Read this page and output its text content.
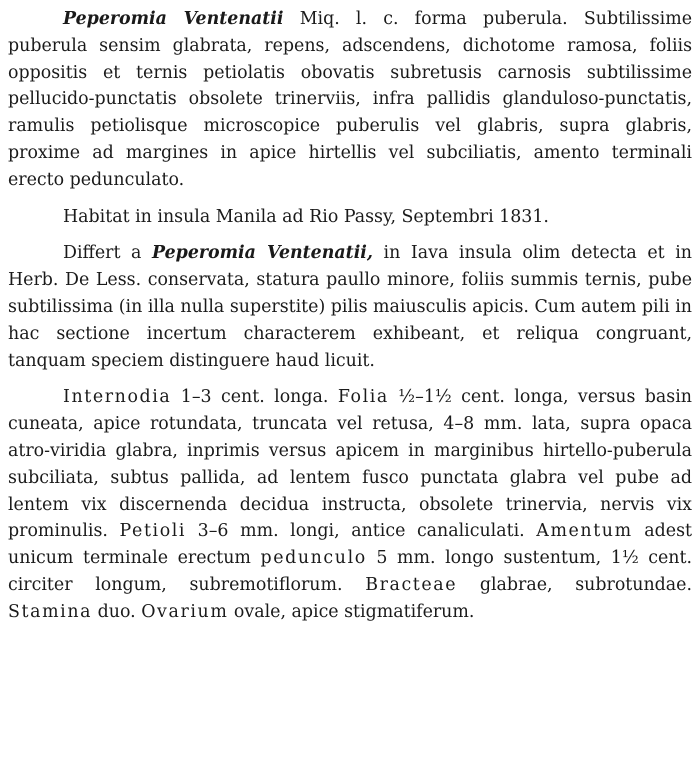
Peperomia Ventenatii Miq. l. c. forma puberula. Subtilissime puberula sensim glabrata, repens, adscendens, dichotome ramosa, foliis oppositis et ternis petiolatis obovatis subretusis carnosis subtilissime pellucido-punctatis obsolete trinerviis, infra pallidis glanduloso-punctatis, ramulis petiolisque microscopice puberulis vel glabris, supra glabris, proxime ad margines in apice hirtellis vel subciliatis, amento terminali erecto pedunculato.

Habitat in insula Manila ad Rio Passy, Septembri 1831.

Differt a Peperomia Ventenatii, in Iava insula olim detecta et in Herb. De Less. conservata, statura paullo minore, foliis summis ternis, pube subtilissima (in illa nulla superstite) pilis maiusculis apicis. Cum autem pili in hac sectione incertum characterem exhibeant, et reliqua congruant, tanquam speciem distinguere haud licuit.

Internodia 1–3 cent. longa. Folia ½–1½ cent. longa, versus basin cuneata, apice rotundata, truncata vel retusa, 4–8 mm. lata, supra opaca atro-viridia glabra, inprimis versus apicem in marginibus hirtello-puberula subciliata, subtus pallida, ad lentem fusco punctata glabra vel pube ad lentem vix discernenda decidua instructa, obsolete trinervia, nervis vix prominulis. Petioli 3–6 mm. longi, antice canaliculati. Amentum adest unicum terminale erectum pedunculo 5 mm. longo sustentum, 1½ cent. circiter longum, subremotiflorum. Bracteae glabrae, subrotundae. Stamina duo. Ovarium ovale, apice stigmatiferum.
